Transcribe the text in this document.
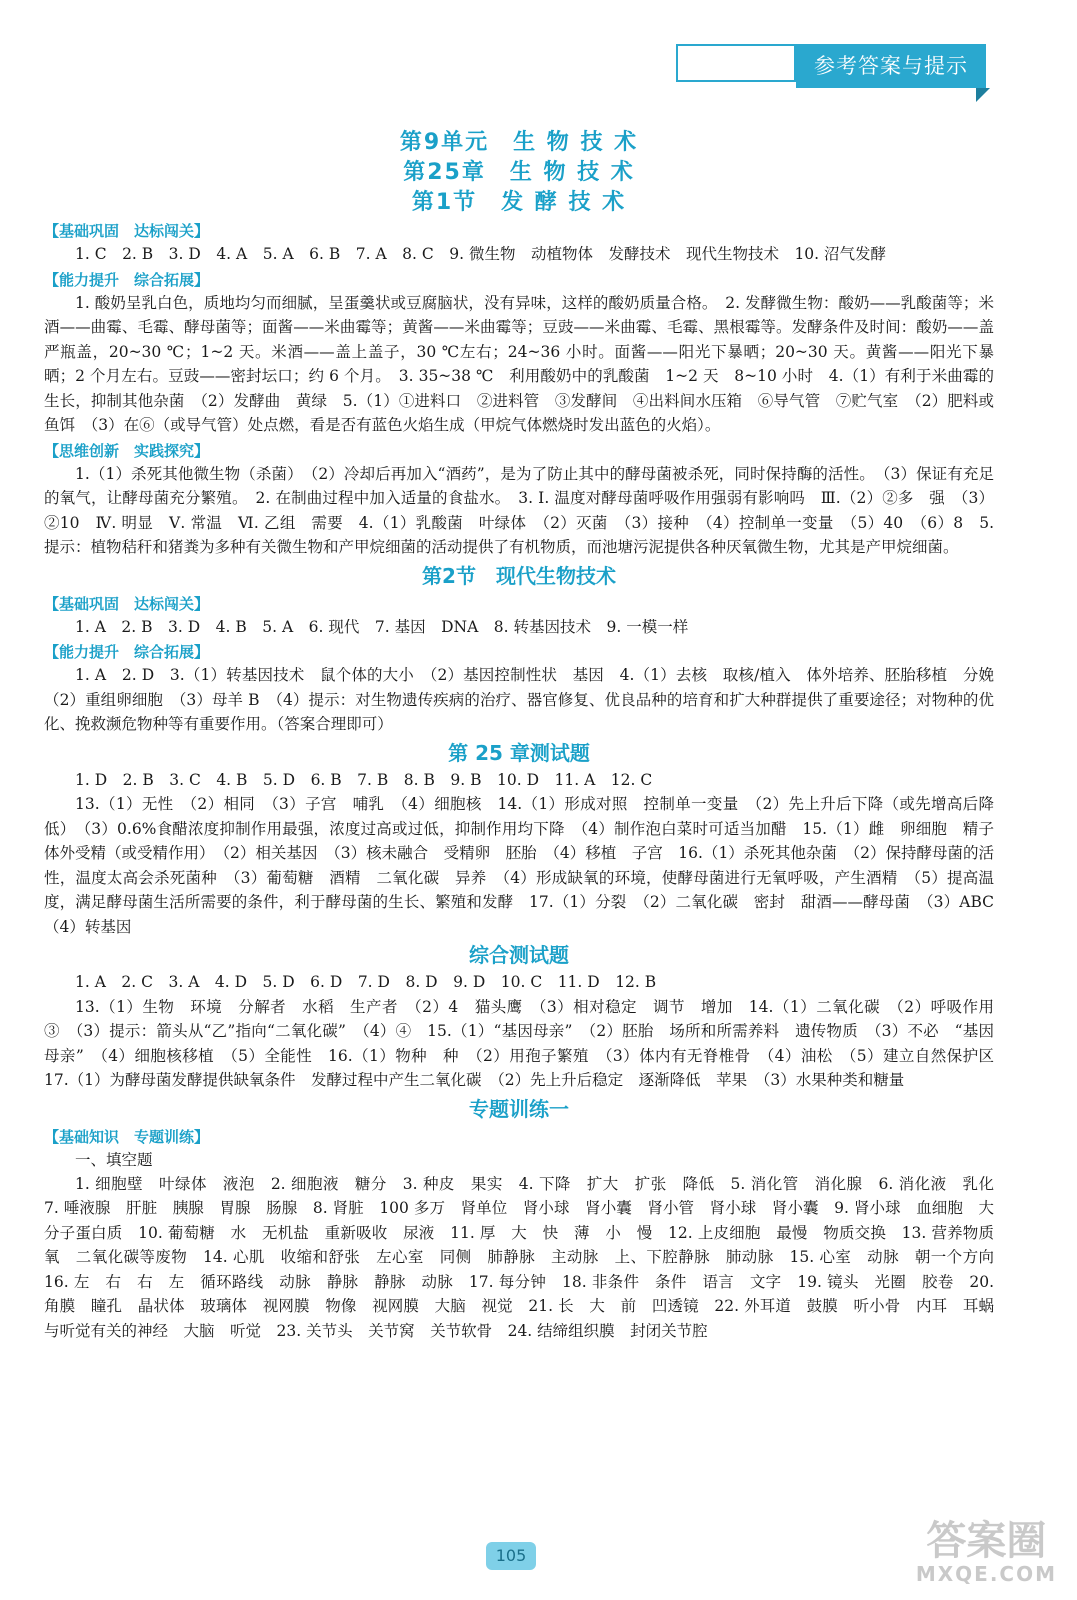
参考答案与提示
第9单元　生 物 技 术
第25章　生 物 技 术
第1节　发 酵 技 术
【基础巩固　达标闯关】

1. C　2. B　3. D　4. A　5. A　6. B　7. A　8. C　9. 微生物　动植物体　发酵技术　现代生物技术　10. 沼气发酵

【能力提升　综合拓展】

1. 酸奶呈乳白色，质地均匀而细腻，呈蛋羹状或豆腐脑状，没有异味，这样的酸奶质量合格。　2. 发酵微生物：酸奶——乳酸菌等；米酒——曲霉、毛霉、酵母菌等；面酱——米曲霉等；黄酱——米曲霉等；豆豉——米曲霉、毛霉、黑根霉等。发酵条件及时间：酸奶——盖严瓶盖，20~30 ℃；1~2 天。米酒——盖上盖子，30 ℃左右；24~36 小时。面酱——阳光下暴晒；20~30 天。黄酱——阳光下暴晒；2 个月左右。豆豉——密封坛口；约 6 个月。　3. 35~38 ℃　利用酸奶中的乳酸菌　1~2 天　8~10 小时　4.（1）有利于米曲霉的生长，抑制其他杂菌　（2）发酵曲　黄绿　5.（1）①进料口　②进料管　③发酵间　④出料间水压箱　⑥导气管　⑦贮气室　（2）肥料或鱼饵　（3）在⑥（或导气管）处点燃，看是否有蓝色火焰生成（甲烷气体燃烧时发出蓝色的火焰）。

【思维创新　实践探究】

1.（1）杀死其他微生物（杀菌）　（2）冷却后再加入“酒药”，是为了防止其中的酵母菌被杀死，同时保持酶的活性。　（3）保证有充足的氧气，让酵母菌充分繁殖。　2. 在制曲过程中加入适量的食盐水。　3. Ⅰ. 温度对酵母菌呼吸作用强弱有影响吗　Ⅲ.（2）②多　强　（3）②10　Ⅳ. 明显　Ⅴ. 常温　Ⅵ. 乙组　需要　4.（1）乳酸菌　叶绿体　（2）灭菌　（3）接种　（4）控制单一变量　（5）40　（6）8　5. 提示：植物秸秆和猪粪为多种有关微生物和产甲烷细菌的活动提供了有机物质，而池塘污泥提供各种厌氧微生物，尤其是产甲烷细菌。

第2节　现代生物技术
【基础巩固　达标闯关】

1. A　2. B　3. D　4. B　5. A　6. 现代　7. 基因　DNA　8. 转基因技术　9. 一模一样

【能力提升　综合拓展】

1. A　2. D　3.（1）转基因技术　鼠个体的大小　（2）基因控制性状　基因　4.（1）去核　取核/植入　体外培养、胚胎移植　分娩　（2）重组卵细胞　（3）母羊 B　（4）提示：对生物遗传疾病的治疗、器官修复、优良品种的培育和扩大种群提供了重要途径；对物种的优化、挽救濒危物种等有重要作用。（答案合理即可）

第 25 章测试题

1. D　2. B　3. C　4. B　5. D　6. B　7. B　8. B　9. B　10. D　11. A　12. C

13.（1）无性　（2）相同　（3）子宫　哺乳　（4）细胞核　14.（1）形成对照　控制单一变量　（2）先上升后下降（或先增高后降低）　（3）0.6%食醋浓度抑制作用最强，浓度过高或过低，抑制作用均下降　（4）制作泡白菜时可适当加醋　15.（1）雌　卵细胞　精子　体外受精（或受精作用）　（2）相关基因　（3）核未融合　受精卵　胚胎　（4）移植　子宫　16.（1）杀死其他杂菌　（2）保持酵母菌的活性，温度太高会杀死菌种　（3）葡萄糖　酒精　二氧化碳　异养　（4）形成缺氧的环境，使酵母菌进行无氧呼吸，产生酒精　（5）提高温度，满足酵母菌生活所需要的条件，利于酵母菌的生长、繁殖和发酵　17.（1）分裂　（2）二氧化碳　密封　甜酒——酵母菌　（3）ABC　（4）转基因

综合测试题

1. A　2. C　3. A　4. D　5. D　6. D　7. D　8. D　9. D　10. C　11. D　12. B

13.（1）生物　环境　分解者　水稻　生产者　（2）4　猫头鹰　（3）相对稳定　调节　增加　14.（1）二氧化碳　（2）呼吸作用　③　（3）提示：箭头从“乙”指向“二氧化碳”　（4）④　15.（1）“基因母亲”　（2）胚胎　场所和所需养料　遗传物质　（3）不必　“基因母亲”　（4）细胞核移植　（5）全能性　16.（1）物种　种　（2）用孢子繁殖　（3）体内有无脊椎骨　（4）油松　（5）建立自然保护区　17.（1）为酵母菌发酵提供缺氧条件　发酵过程中产生二氧化碳　（2）先上升后稳定　逐渐降低　苹果　（3）水果种类和糖量

专题训练一
【基础知识　专题训练】

一、填空题

1. 细胞壁　叶绿体　液泡　2. 细胞液　糖分　3. 种皮　果实　4. 下降　扩大　扩张　降低　5. 消化管　消化腺　6. 消化液　乳化　7. 唾液腺　肝脏　胰腺　胃腺　肠腺　8. 肾脏　100 多万　肾单位　肾小球　肾小囊　肾小管　肾小球　肾小囊　9. 肾小球　血细胞　大分子蛋白质　10. 葡萄糖　水　无机盐　重新吸收　尿液　11. 厚　大　快　薄　小　慢　12. 上皮细胞　最慢　物质交换　13. 营养物质　氧　二氧化碳等废物　14. 心肌　收缩和舒张　左心室　同侧　肺静脉　主动脉　上、下腔静脉　肺动脉　15. 心室　动脉　朝一个方向　16. 左　右　右　左　循环路线　动脉　静脉　静脉　动脉　17. 每分钟　18. 非条件　条件　语言　文字　19. 镜头　光圈　胶卷　20. 角膜　瞳孔　晶状体　玻璃体　视网膜　物像　视网膜　大脑　视觉　21. 长　大　前　凹透镜　22. 外耳道　鼓膜　听小骨　内耳　耳蜗　与听觉有关的神经　大脑　听觉　23. 关节头　关节窝　关节软骨　24. 结缔组织膜　封闭关节腔

105	答案圈
MXQE.COM
